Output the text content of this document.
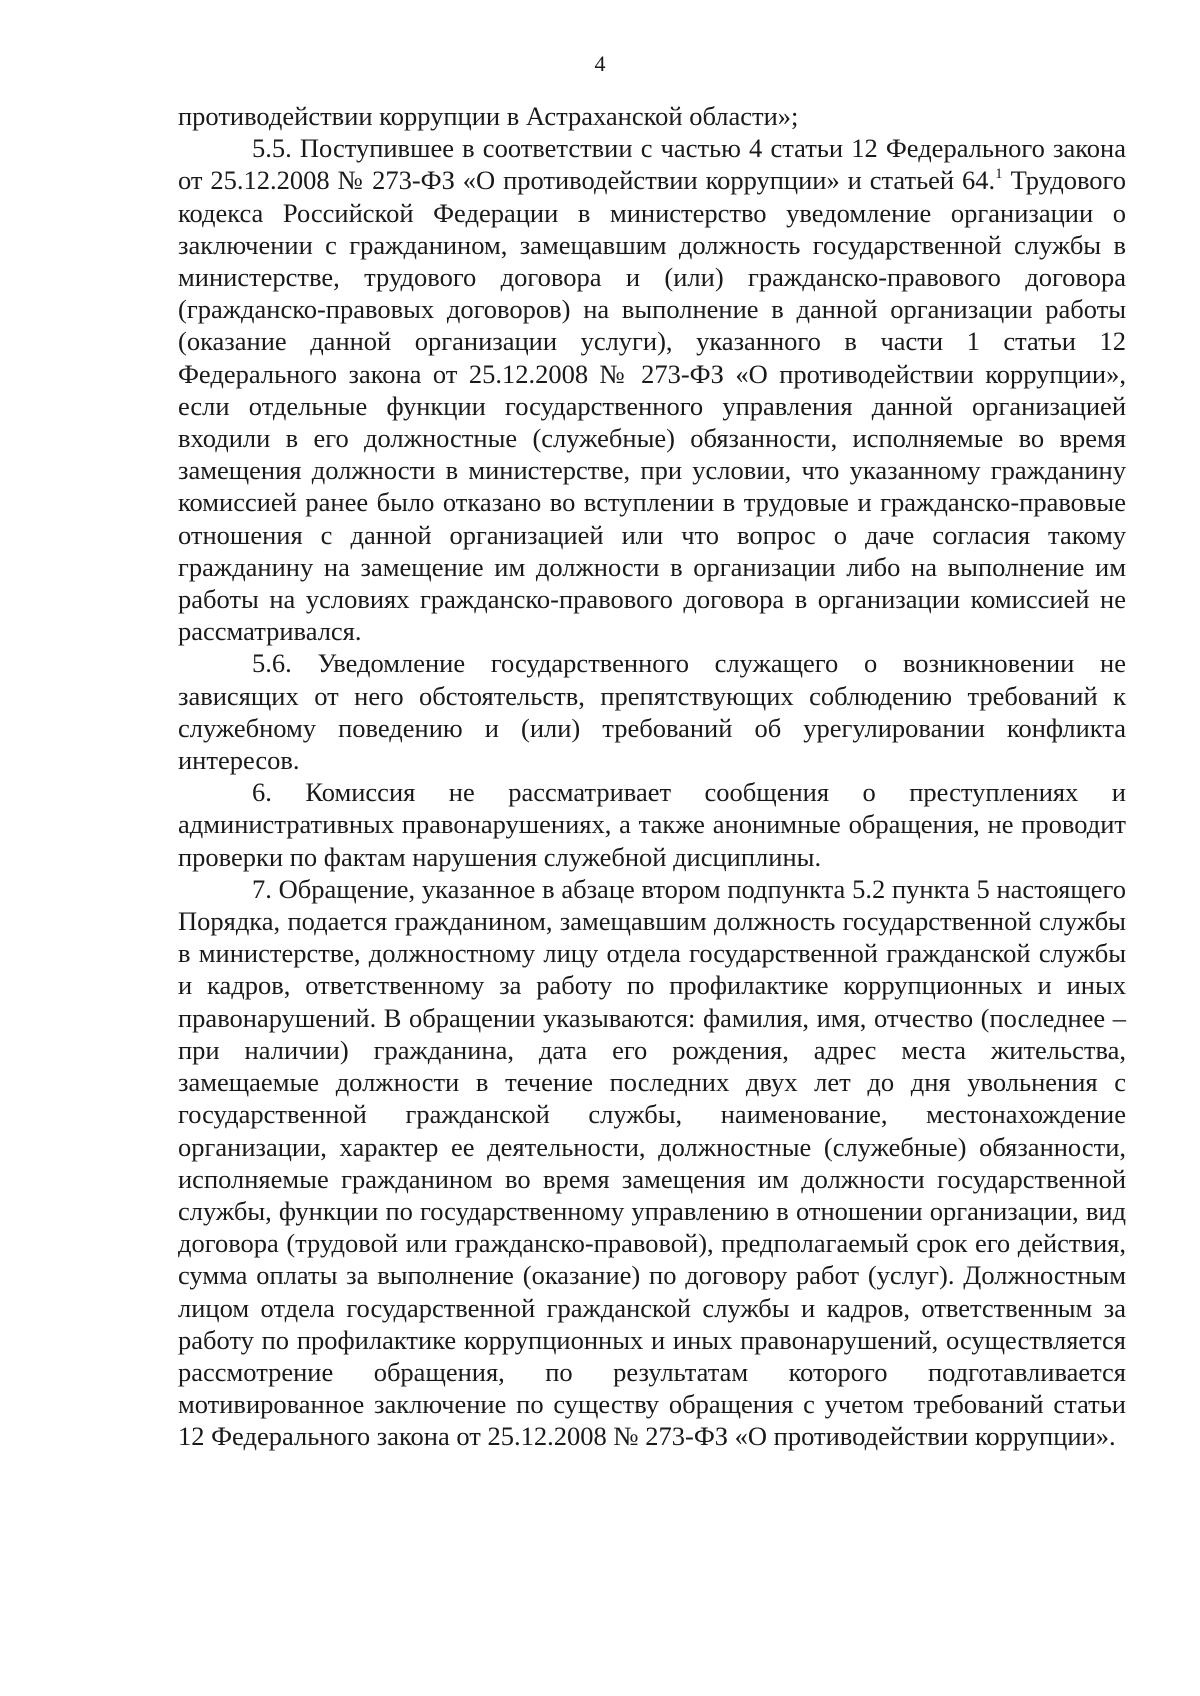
4

противодействии коррупции в Астраханской области»;

5.5. Поступившее в соответствии с частью 4 статьи 12 Федерального закона от 25.12.2008 № 273-ФЗ «О противодействии коррупции» и статьей 64.$^1$ Трудового кодекса Российской Федерации в министерство уведомление организации о заключении с гражданином, замещавшим должность государственной службы в министерстве, трудового договора и (или) гражданско-правового договора (гражданско-правовых договоров) на выполнение в данной организации работы (оказание данной организации услуги), указанного в части 1 статьи 12 Федерального закона от 25.12.2008 № 273-ФЗ «О противодействии коррупции», если отдельные функции государственного управления данной организацией входили в его должностные (служебные) обязанности, исполняемые во время замещения должности в министерстве, при условии, что указанному гражданину комиссией ранее было отказано во вступлении в трудовые и гражданско-правовые отношения с данной организацией или что вопрос о даче согласия такому гражданину на замещение им должности в организации либо на выполнение им работы на условиях гражданско-правового договора в организации комиссией не рассматривался.

5.6. Уведомление государственного служащего о возникновении не зависящих от него обстоятельств, препятствующих соблюдению требований к служебному поведению и (или) требований об урегулировании конфликта интересов.

6. Комиссия не рассматривает сообщения о преступлениях и административных правонарушениях, а также анонимные обращения, не проводит проверки по фактам нарушения служебной дисциплины.

7. Обращение, указанное в абзаце втором подпункта 5.2 пункта 5 настоящего Порядка, подается гражданином, замещавшим должность государственной службы в министерстве, должностному лицу отдела государственной гражданской службы и кадров, ответственному за работу по профилактике коррупционных и иных правонарушений. В обращении указываются: фамилия, имя, отчество (последнее – при наличии) гражданина, дата его рождения, адрес места жительства, замещаемые должности в течение последних двух лет до дня увольнения с государственной гражданской службы, наименование, местонахождение организации, характер ее деятельности, должностные (служебные) обязанности, исполняемые гражданином во время замещения им должности государственной службы, функции по государственному управлению в отношении организации, вид договора (трудовой или гражданско-правовой), предполагаемый срок его действия, сумма оплаты за выполнение (оказание) по договору работ (услуг). Должностным лицом отдела государственной гражданской службы и кадров, ответственным за работу по профилактике коррупционных и иных правонарушений, осуществляется рассмотрение обращения, по результатам которого подготавливается мотивированное заключение по существу обращения с учетом требований статьи 12 Федерального закона от 25.12.2008 № 273-ФЗ «О противодействии коррупции».
